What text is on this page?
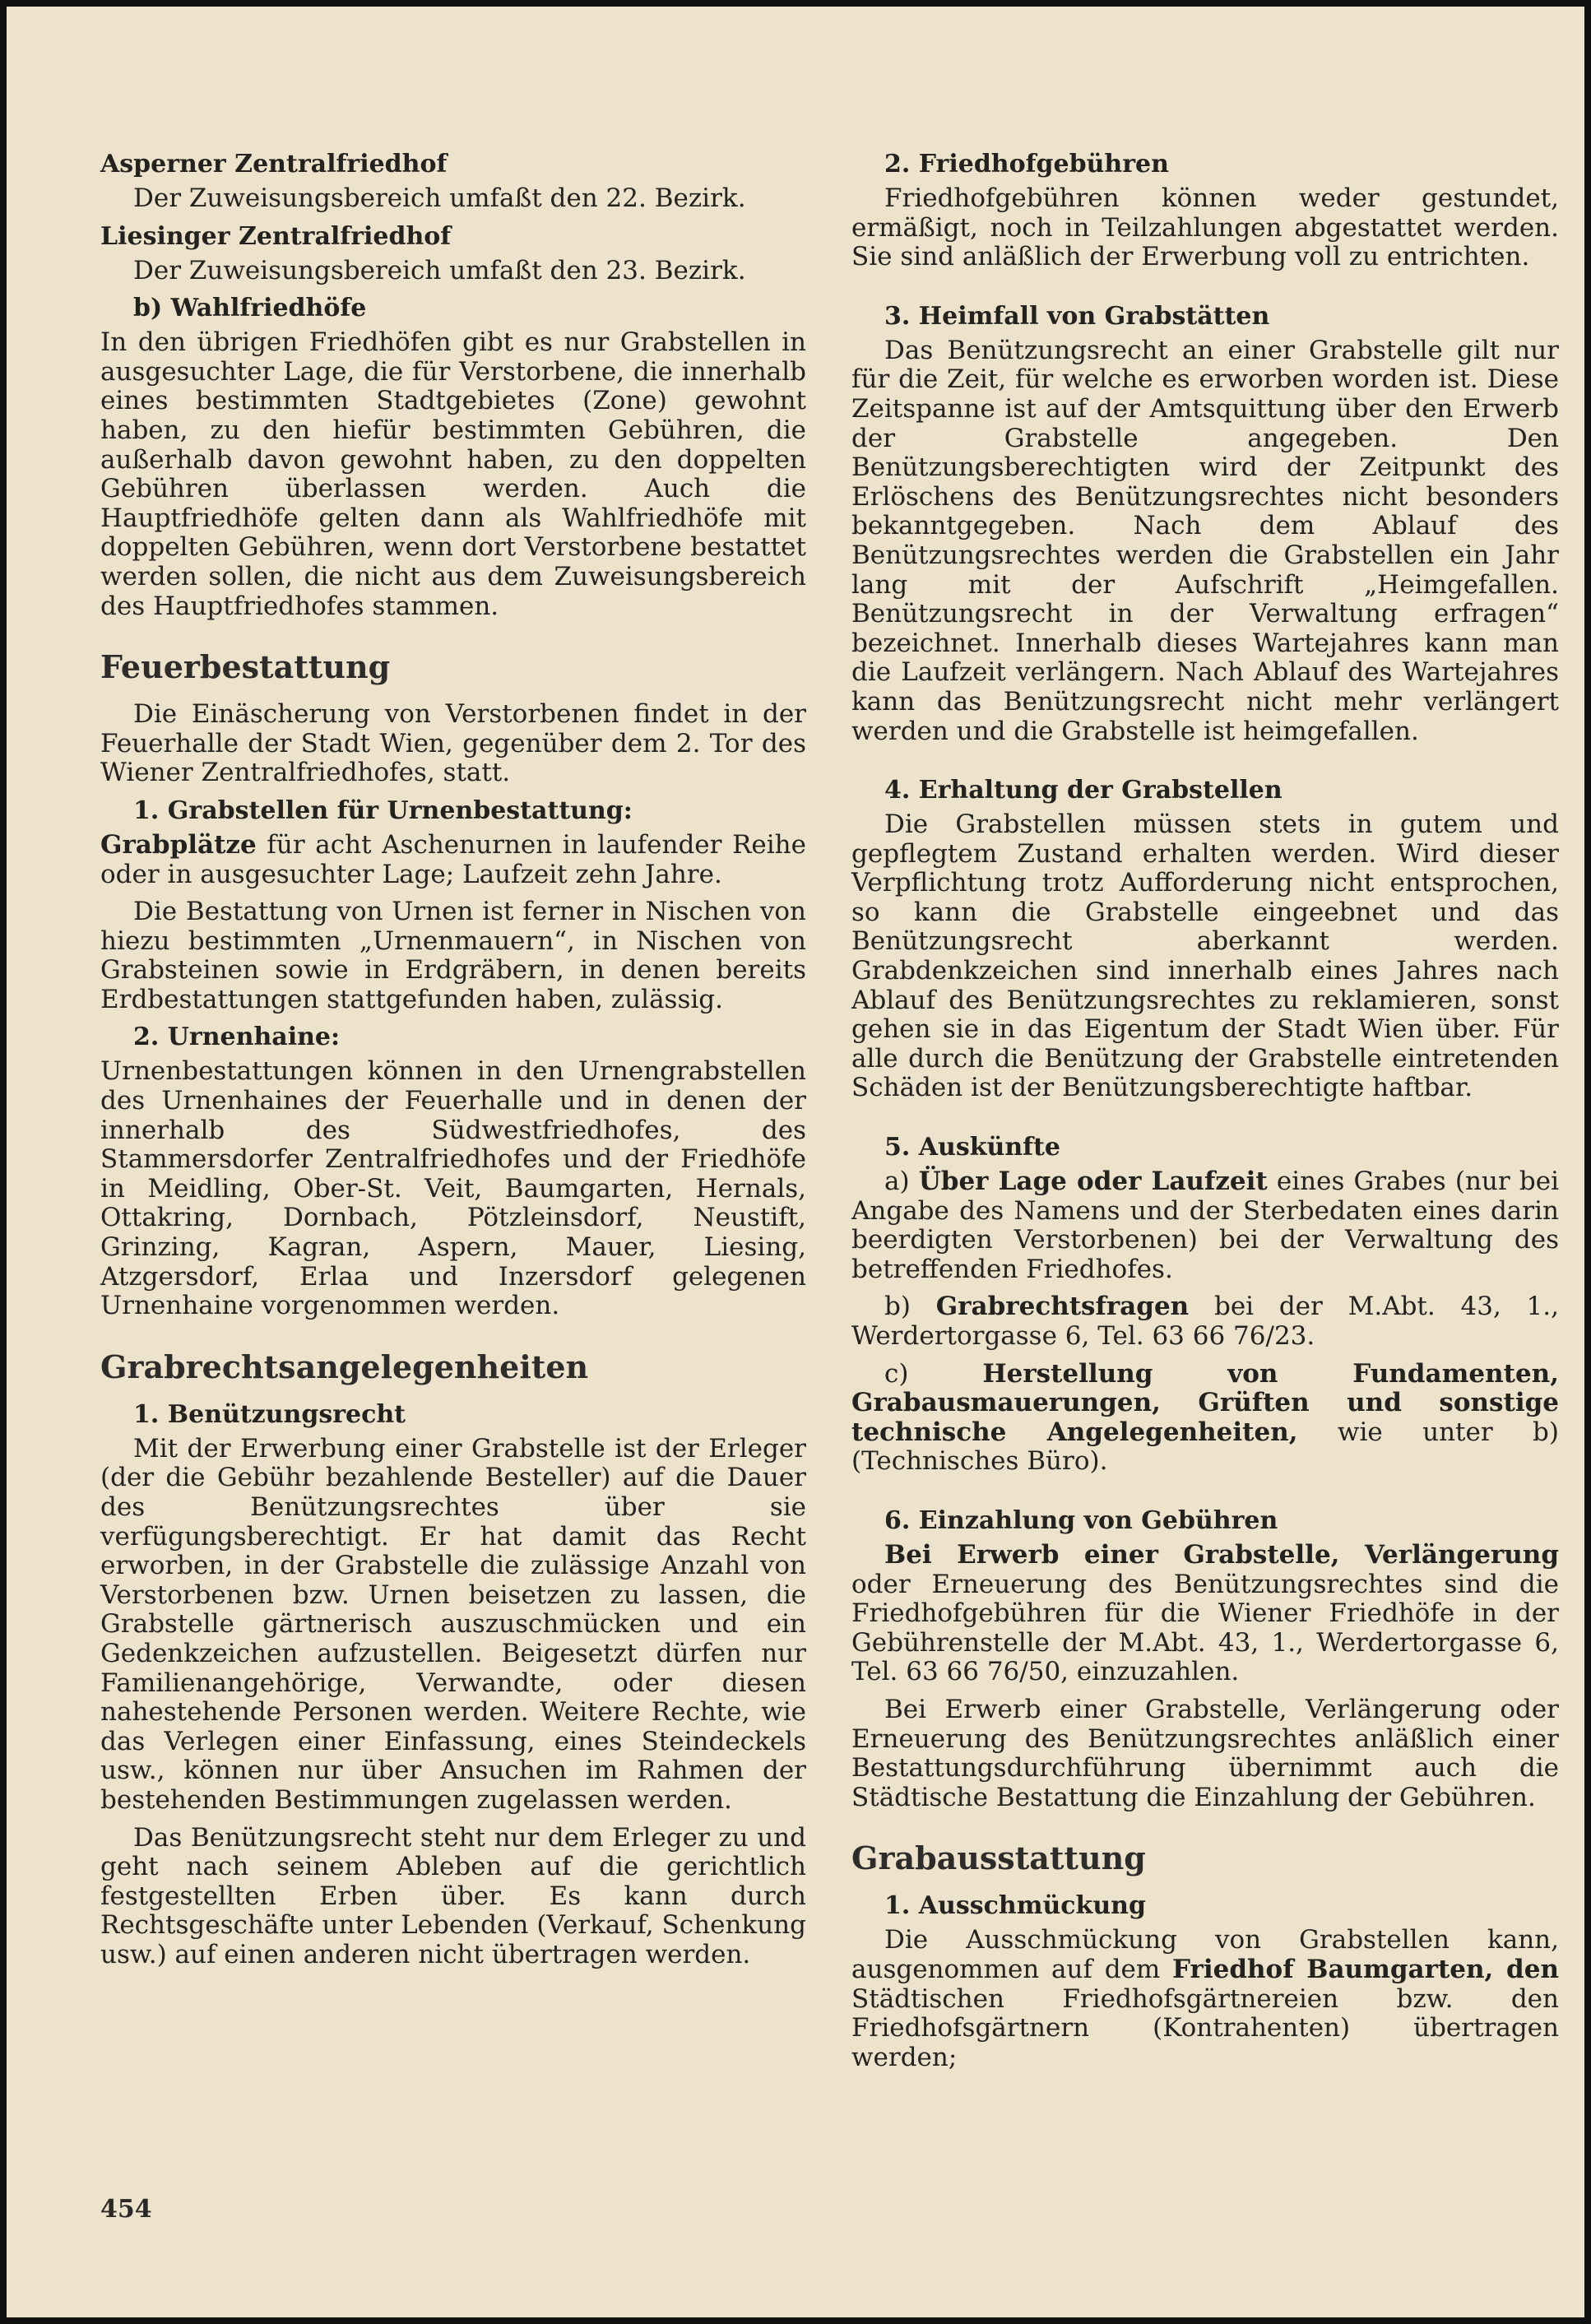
Asperner Zentralfriedhof

Der Zuweisungsbereich umfaßt den 22. Bezirk.

Liesinger Zentralfriedhof

Der Zuweisungsbereich umfaßt den 23. Bezirk.

b) Wahlfriedhöfe

In den übrigen Friedhöfen gibt es nur Grabstellen in ausgesuchter Lage, die für Verstorbene, die innerhalb eines bestimmten Stadtgebietes (Zone) gewohnt haben, zu den hiefür bestimmten Gebühren, die außerhalb davon gewohnt haben, zu den doppelten Gebühren überlassen werden. Auch die Hauptfriedhöfe gelten dann als Wahlfriedhöfe mit doppelten Gebühren, wenn dort Verstorbene bestattet werden sollen, die nicht aus dem Zuweisungsbereich des Hauptfriedhofes stammen.

Feuerbestattung

Die Einäscherung von Verstorbenen findet in der Feuerhalle der Stadt Wien, gegenüber dem 2. Tor des Wiener Zentralfriedhofes, statt.

1. Grabstellen für Urnenbestattung:

Grabplätze für acht Aschenurnen in laufender Reihe oder in ausgesuchter Lage; Laufzeit zehn Jahre.

Die Bestattung von Urnen ist ferner in Nischen von hiezu bestimmten „Urnenmauern“, in Nischen von Grabsteinen sowie in Erdgräbern, in denen bereits Erdbestattungen stattgefunden haben, zulässig.

2. Urnenhaine:

Urnenbestattungen können in den Urnengrabstellen des Urnenhaines der Feuerhalle und in denen der innerhalb des Südwestfriedhofes, des Stammersdorfer Zentralfriedhofes und der Friedhöfe in Meidling, Ober-St. Veit, Baumgarten, Hernals, Ottakring, Dornbach, Pötzleinsdorf, Neustift, Grinzing, Kagran, Aspern, Mauer, Liesing, Atzgersdorf, Erlaa und Inzersdorf gelegenen Urnenhaine vorgenommen werden.

Grabrechtsangelegenheiten
1. Benützungsrecht

Mit der Erwerbung einer Grabstelle ist der Erleger (der die Gebühr bezahlende Besteller) auf die Dauer des Benützungsrechtes über sie verfügungsberechtigt. Er hat damit das Recht erworben, in der Grabstelle die zulässige Anzahl von Verstorbenen bzw. Urnen beisetzen zu lassen, die Grabstelle gärtnerisch auszuschmücken und ein Gedenkzeichen aufzustellen. Beigesetzt dürfen nur Familienangehörige, Verwandte, oder diesen nahestehende Personen werden. Weitere Rechte, wie das Verlegen einer Einfassung, eines Steindeckels usw., können nur über Ansuchen im Rahmen der bestehenden Bestimmungen zugelassen werden.

Das Benützungsrecht steht nur dem Erleger zu und geht nach seinem Ableben auf die gerichtlich festgestellten Erben über. Es kann durch Rechtsgeschäfte unter Lebenden (Verkauf, Schenkung usw.) auf einen anderen nicht übertragen werden.

2. Friedhofgebühren

Friedhofgebühren können weder gestundet, ermäßigt, noch in Teilzahlungen abgestattet werden. Sie sind anläßlich der Erwerbung voll zu entrichten.

3. Heimfall von Grabstätten

Das Benützungsrecht an einer Grabstelle gilt nur für die Zeit, für welche es erworben worden ist. Diese Zeitspanne ist auf der Amtsquittung über den Erwerb der Grabstelle angegeben. Den Benützungsberechtigten wird der Zeitpunkt des Erlöschens des Benützungsrechtes nicht besonders bekanntgegeben. Nach dem Ablauf des Benützungsrechtes werden die Grabstellen ein Jahr lang mit der Aufschrift „Heimgefallen. Benützungsrecht in der Verwaltung erfragen“ bezeichnet. Innerhalb dieses Wartejahres kann man die Laufzeit verlängern. Nach Ablauf des Wartejahres kann das Benützungsrecht nicht mehr verlängert werden und die Grabstelle ist heimgefallen.

4. Erhaltung der Grabstellen

Die Grabstellen müssen stets in gutem und gepflegtem Zustand erhalten werden. Wird dieser Verpflichtung trotz Aufforderung nicht entsprochen, so kann die Grabstelle eingeebnet und das Benützungsrecht aberkannt werden. Grabdenkzeichen sind innerhalb eines Jahres nach Ablauf des Benützungsrechtes zu reklamieren, sonst gehen sie in das Eigentum der Stadt Wien über. Für alle durch die Benützung der Grabstelle eintretenden Schäden ist der Benützungsberechtigte haftbar.

5. Auskünfte

a) Über Lage oder Laufzeit eines Grabes (nur bei Angabe des Namens und der Sterbedaten eines darin beerdigten Verstorbenen) bei der Verwaltung des betreffenden Friedhofes.

b) Grabrechtsfragen bei der M.Abt. 43, 1., Werdertorgasse 6, Tel. 63 66 76/23.

c) Herstellung von Fundamenten, Grabausmauerungen, Grüften und sonstige technische Angelegenheiten, wie unter b) (Technisches Büro).

6. Einzahlung von Gebühren

Bei Erwerb einer Grabstelle, Verlängerung oder Erneuerung des Benützungsrechtes sind die Friedhofgebühren für die Wiener Friedhöfe in der Gebührenstelle der M.Abt. 43, 1., Werdertorgasse 6, Tel. 63 66 76/50, einzuzahlen.

Bei Erwerb einer Grabstelle, Verlängerung oder Erneuerung des Benützungsrechtes anläßlich einer Bestattungsdurchführung übernimmt auch die Städtische Bestattung die Einzahlung der Gebühren.

Grabausstattung
1. Ausschmückung

Die Ausschmückung von Grabstellen kann, ausgenommen auf dem Friedhof Baumgarten, den Städtischen Friedhofsgärtnereien bzw. den Friedhofsgärtnern (Kontrahenten) übertragen werden;

454
